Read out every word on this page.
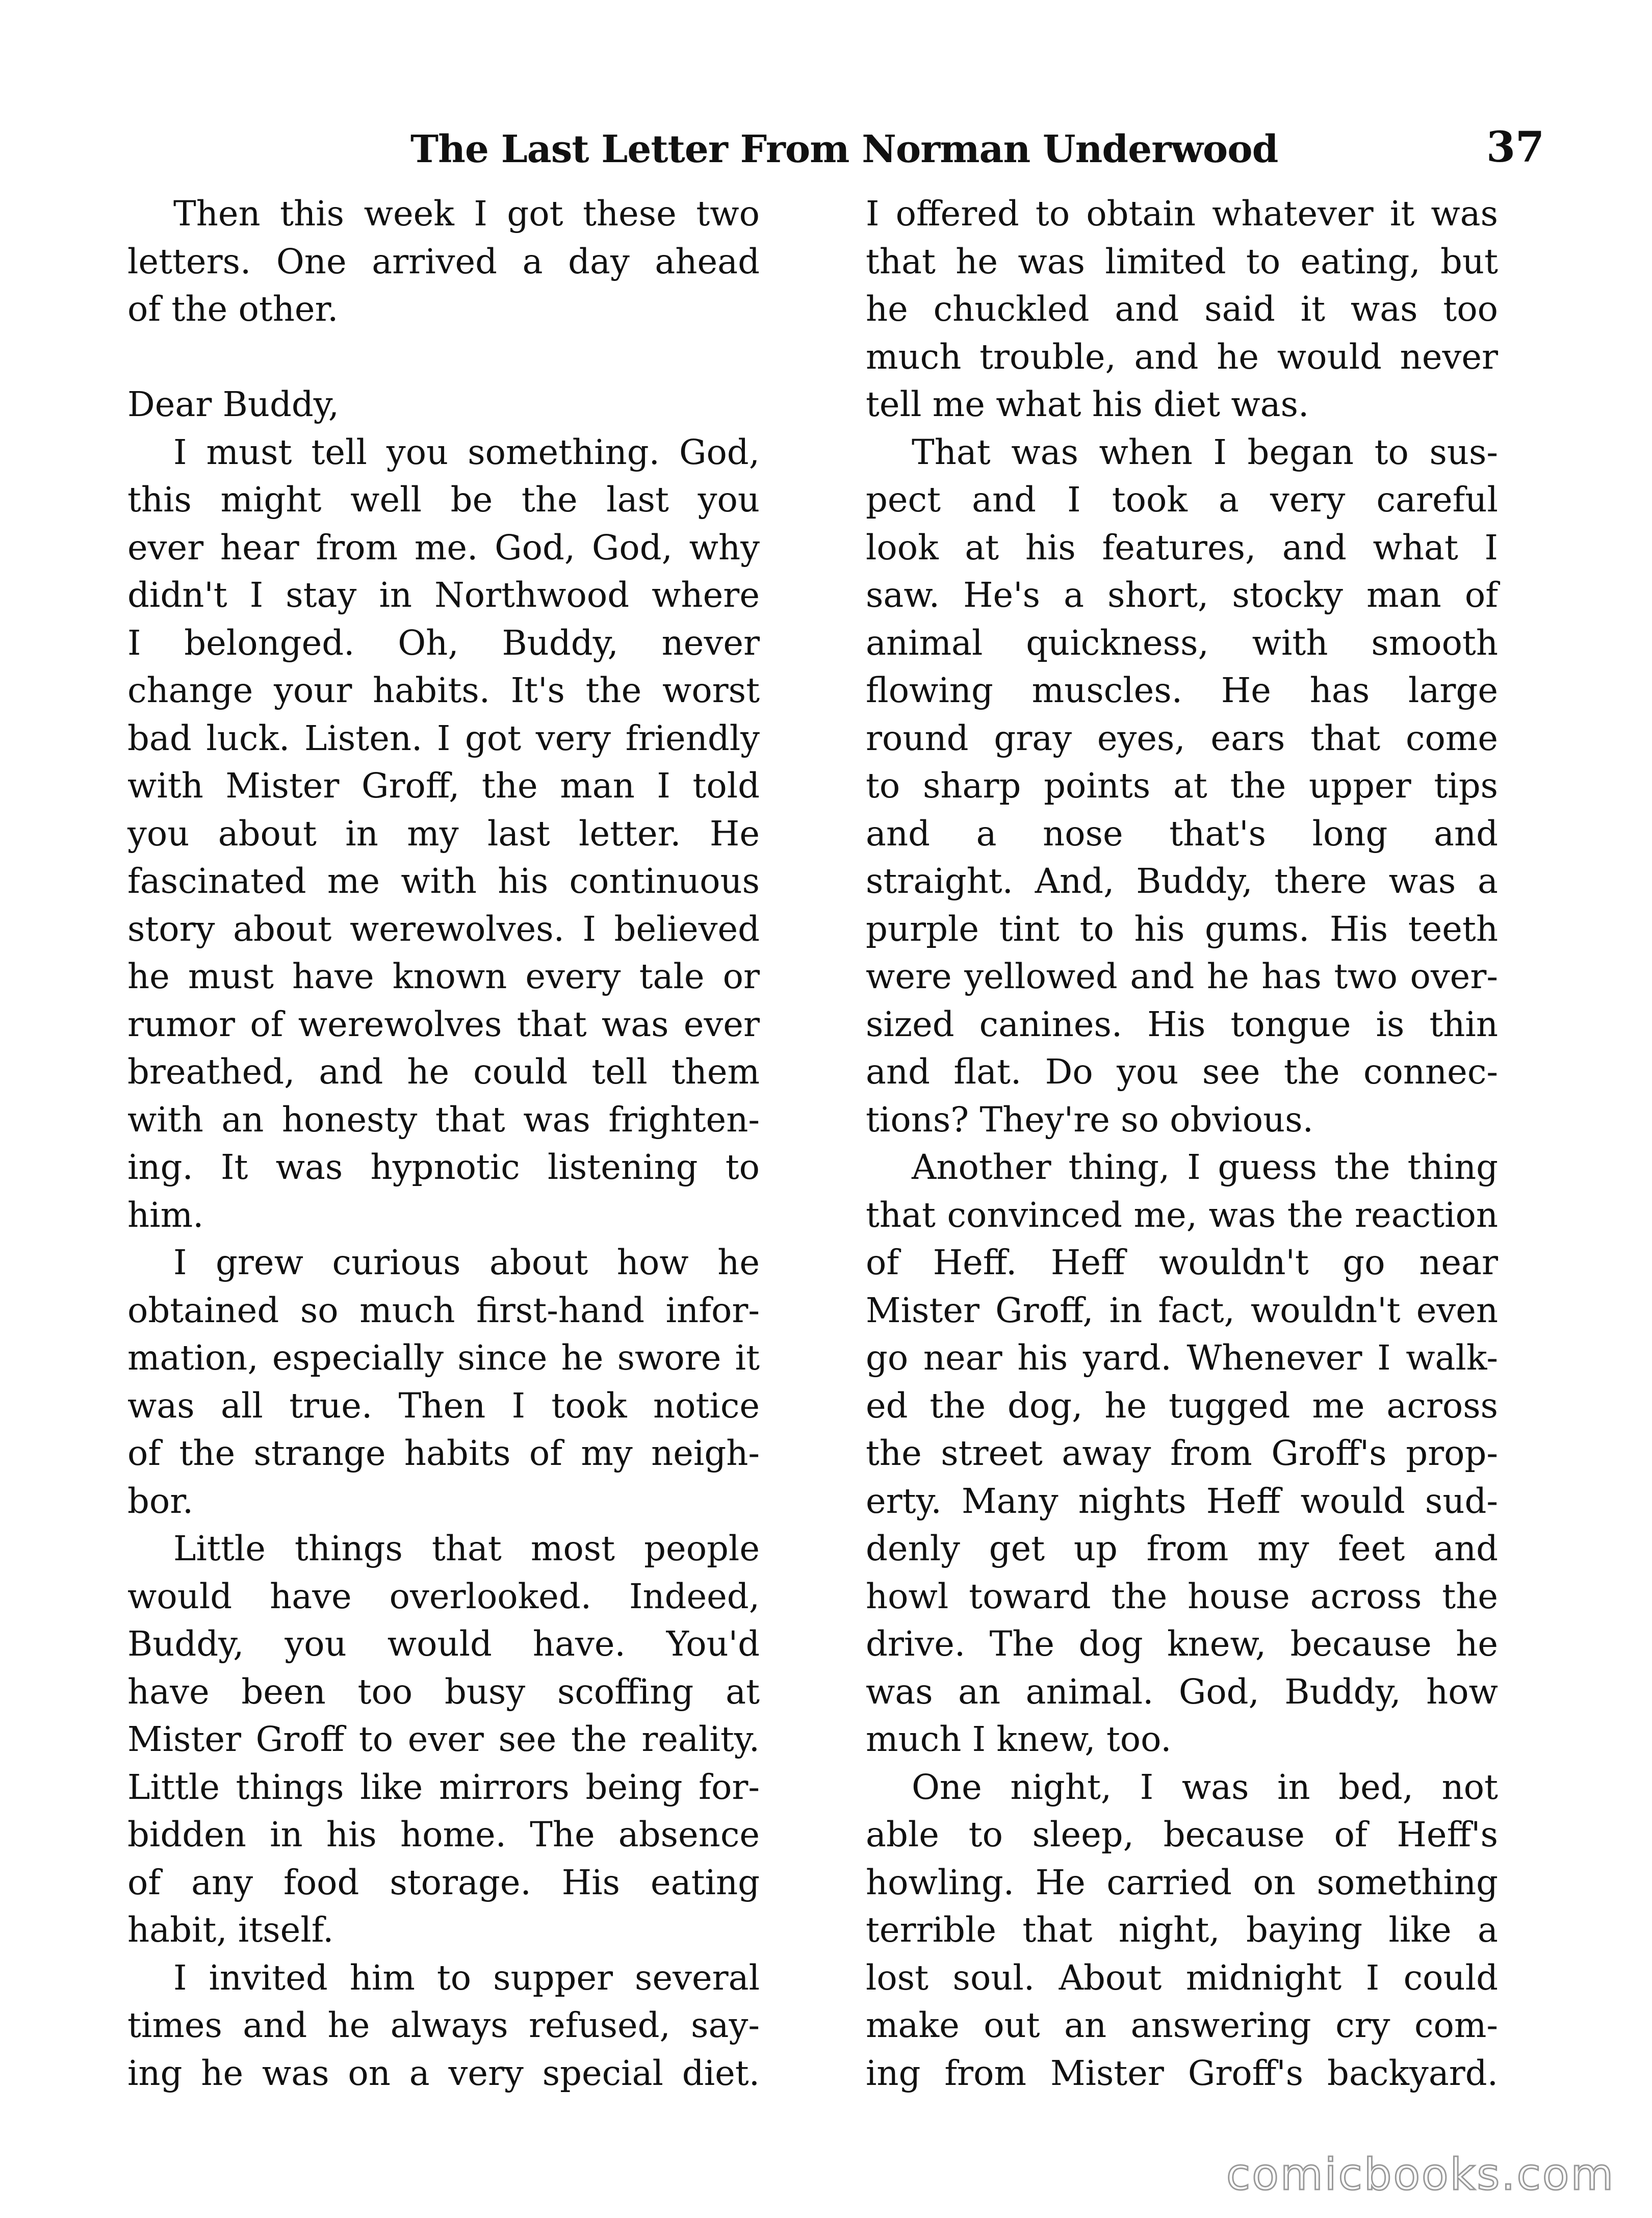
The Last Letter From Norman Underwood	37
Then this week I got these two
letters. One arrived a day ahead
of the other.
Dear Buddy,
I must tell you something. God,
this might well be the last you
ever hear from me. God, God, why
didn't I stay in Northwood where
I belonged. Oh, Buddy, never
change your habits. It's the worst
bad luck. Listen. I got very friendly
with Mister Groff, the man I told
you about in my last letter. He
fascinated me with his continuous
story about werewolves. I believed
he must have known every tale or
rumor of werewolves that was ever
breathed, and he could tell them
with an honesty that was frighten-
ing. It was hypnotic listening to
him.
I grew curious about how he
obtained so much first-hand infor-
mation, especially since he swore it
was all true. Then I took notice
of the strange habits of my neigh-
bor.
Little things that most people
would have overlooked. Indeed,
Buddy, you would have. You'd
have been too busy scoffing at
Mister Groff to ever see the reality.
Little things like mirrors being for-
bidden in his home. The absence
of any food storage. His eating
habit, itself.
I invited him to supper several
times and he always refused, say-
ing he was on a very special diet.
I offered to obtain whatever it was
that he was limited to eating, but
he chuckled and said it was too
much trouble, and he would never
tell me what his diet was.
That was when I began to sus-
pect and I took a very careful
look at his features, and what I
saw. He's a short, stocky man of
animal quickness, with smooth
flowing muscles. He has large
round gray eyes, ears that come
to sharp points at the upper tips
and a nose that's long and
straight. And, Buddy, there was a
purple tint to his gums. His teeth
were yellowed and he has two over-
sized canines. His tongue is thin
and flat. Do you see the connec-
tions? They're so obvious.
Another thing, I guess the thing
that convinced me, was the reaction
of Heff. Heff wouldn't go near
Mister Groff, in fact, wouldn't even
go near his yard. Whenever I walk-
ed the dog, he tugged me across
the street away from Groff's prop-
erty. Many nights Heff would sud-
denly get up from my feet and
howl toward the house across the
drive. The dog knew, because he
was an animal. God, Buddy, how
much I knew, too.
One night, I was in bed, not
able to sleep, because of Heff's
howling. He carried on something
terrible that night, baying like a
lost soul. About midnight I could
make out an answering cry com-
ing from Mister Groff's backyard.
comicbooks.com
